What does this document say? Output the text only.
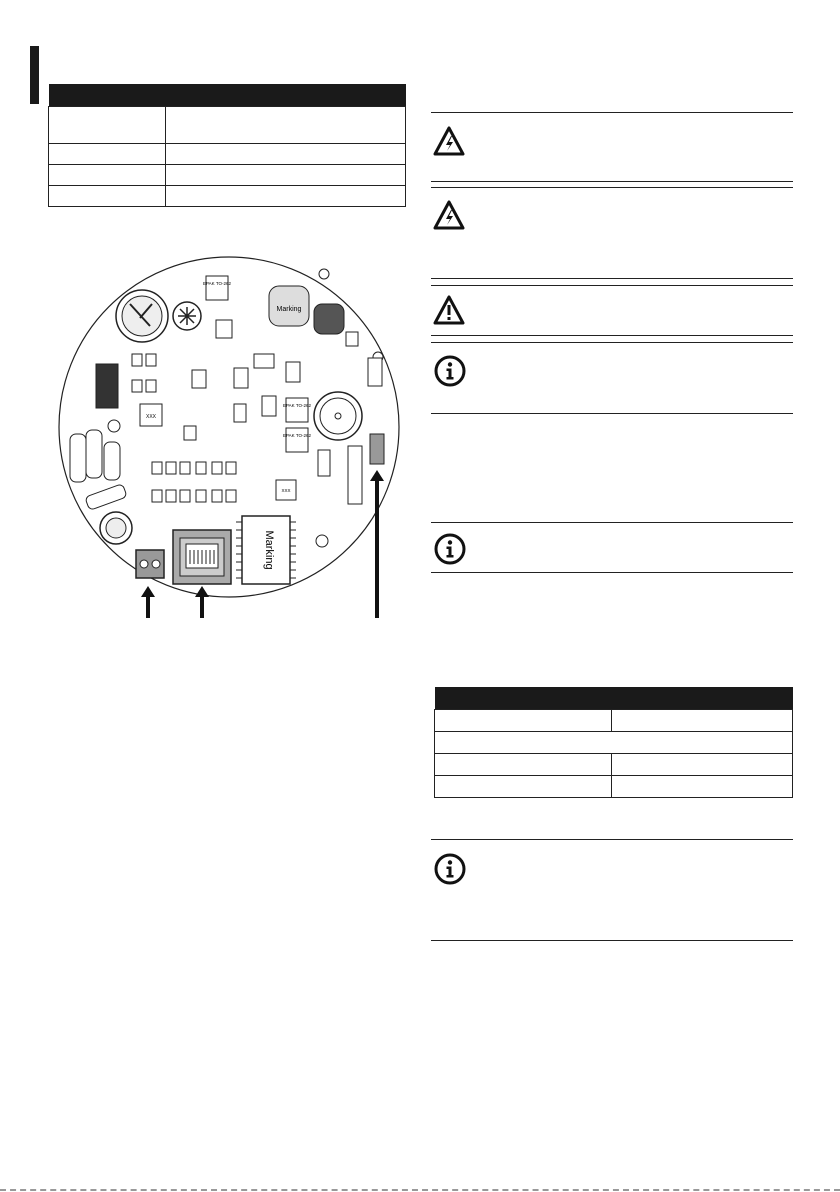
Marking
EPAK TO-262
EPAK TO-262
EPAK TO-262
XXX
XXX
Marking
